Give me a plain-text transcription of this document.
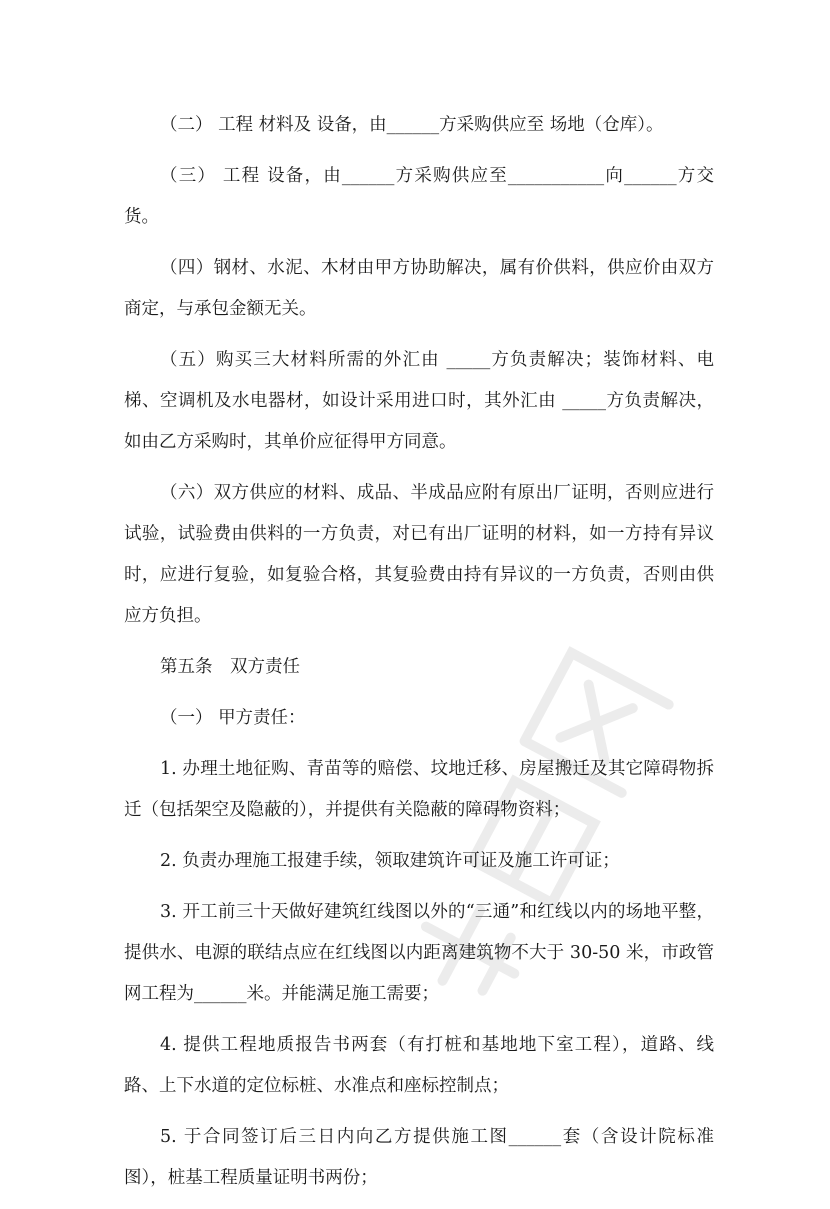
（二） 工程 材料及 设备，由______方采购供应至 场地（仓库）。

（三） 工程 设备，由______方采购供应至___________向______方交货。

（四）钢材、水泥、木材由甲方协助解决，属有价供料，供应价由双方商定，与承包金额无关。

（五）购买三大材料所需的外汇由 _____方负责解决；装饰材料、电梯、空调机及水电器材，如设计采用进口时，其外汇由 _____方负责解决，如由乙方采购时，其单价应征得甲方同意。

（六）双方供应的材料、成品、半成品应附有原出厂证明，否则应进行试验，试验费由供料的一方负责，对已有出厂证明的材料，如一方持有异议时，应进行复验，如复验合格，其复验费由持有异议的一方负责，否则由供应方负担。

第五条　双方责任

（一） 甲方责任：

1. 办理土地征购、青苗等的赔偿、坟地迁移、房屋搬迁及其它障碍物拆迁（包括架空及隐蔽的），并提供有关隐蔽的障碍物资料；

2. 负责办理施工报建手续，领取建筑许可证及施工许可证；

3. 开工前三十天做好建筑红线图以外的“三通”和红线以内的场地平整，提供水、电源的联结点应在红线图以内距离建筑物不大于 30-50 米，市政管网工程为______米。并能满足施工需要；

4. 提供工程地质报告书两套（有打桩和基地地下室工程），道路、线路、上下水道的定位标桩、水准点和座标控制点；

5. 于合同签订后三日内向乙方提供施工图______套（含设计院标准图），桩基工程质量证明书两份；
